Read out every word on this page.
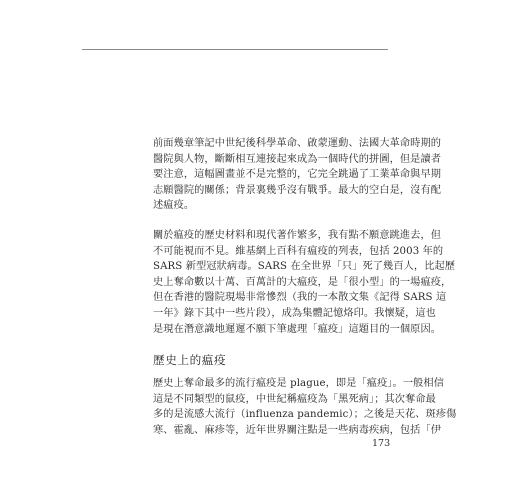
前面幾章筆記中世紀後科學革命、啟蒙運動、法國大革命時期的
醫院與人物，斷斷相互連接起來成為一個時代的拼圖，但是讀者
要注意，這幅圖畫並不是完整的，它完全跳過了工業革命與早期
志願醫院的關係；背景裏幾乎沒有戰爭。最大的空白是，沒有配
述瘟疫。
關於瘟疫的歷史材料和現代著作繁多，我有點不願意跳進去，但
不可能視而不見。維基網上百科有瘟疫的列表，包括 2003 年的
SARS 新型冠狀病毒。SARS 在全世界「只」死了幾百人，比起歷
史上奪命數以十萬、百萬計的大瘟疫，是「很小型」的一場瘟疫，
但在香港的醫院現場非常慘烈（我的一本散文集《記得 SARS 這
一年》錄下其中一些片段），成為集體記憶烙印。我懷疑，這也
是現在潛意識地遲遲不願下筆處理「瘟疫」這題目的一個原因。
歷史上的瘟疫
歷史上奪命最多的流行瘟疫是 plague，即是「瘟疫」。一般相信
這是不同類型的鼠疫，中世紀稱瘟疫為「黑死病」；其次奪命最
多的是流感大流行（influenza pandemic）；之後是天花、斑疹傷
寒、霍亂、麻疹等，近年世界關注點是一些病毒疾病，包括「伊
173
